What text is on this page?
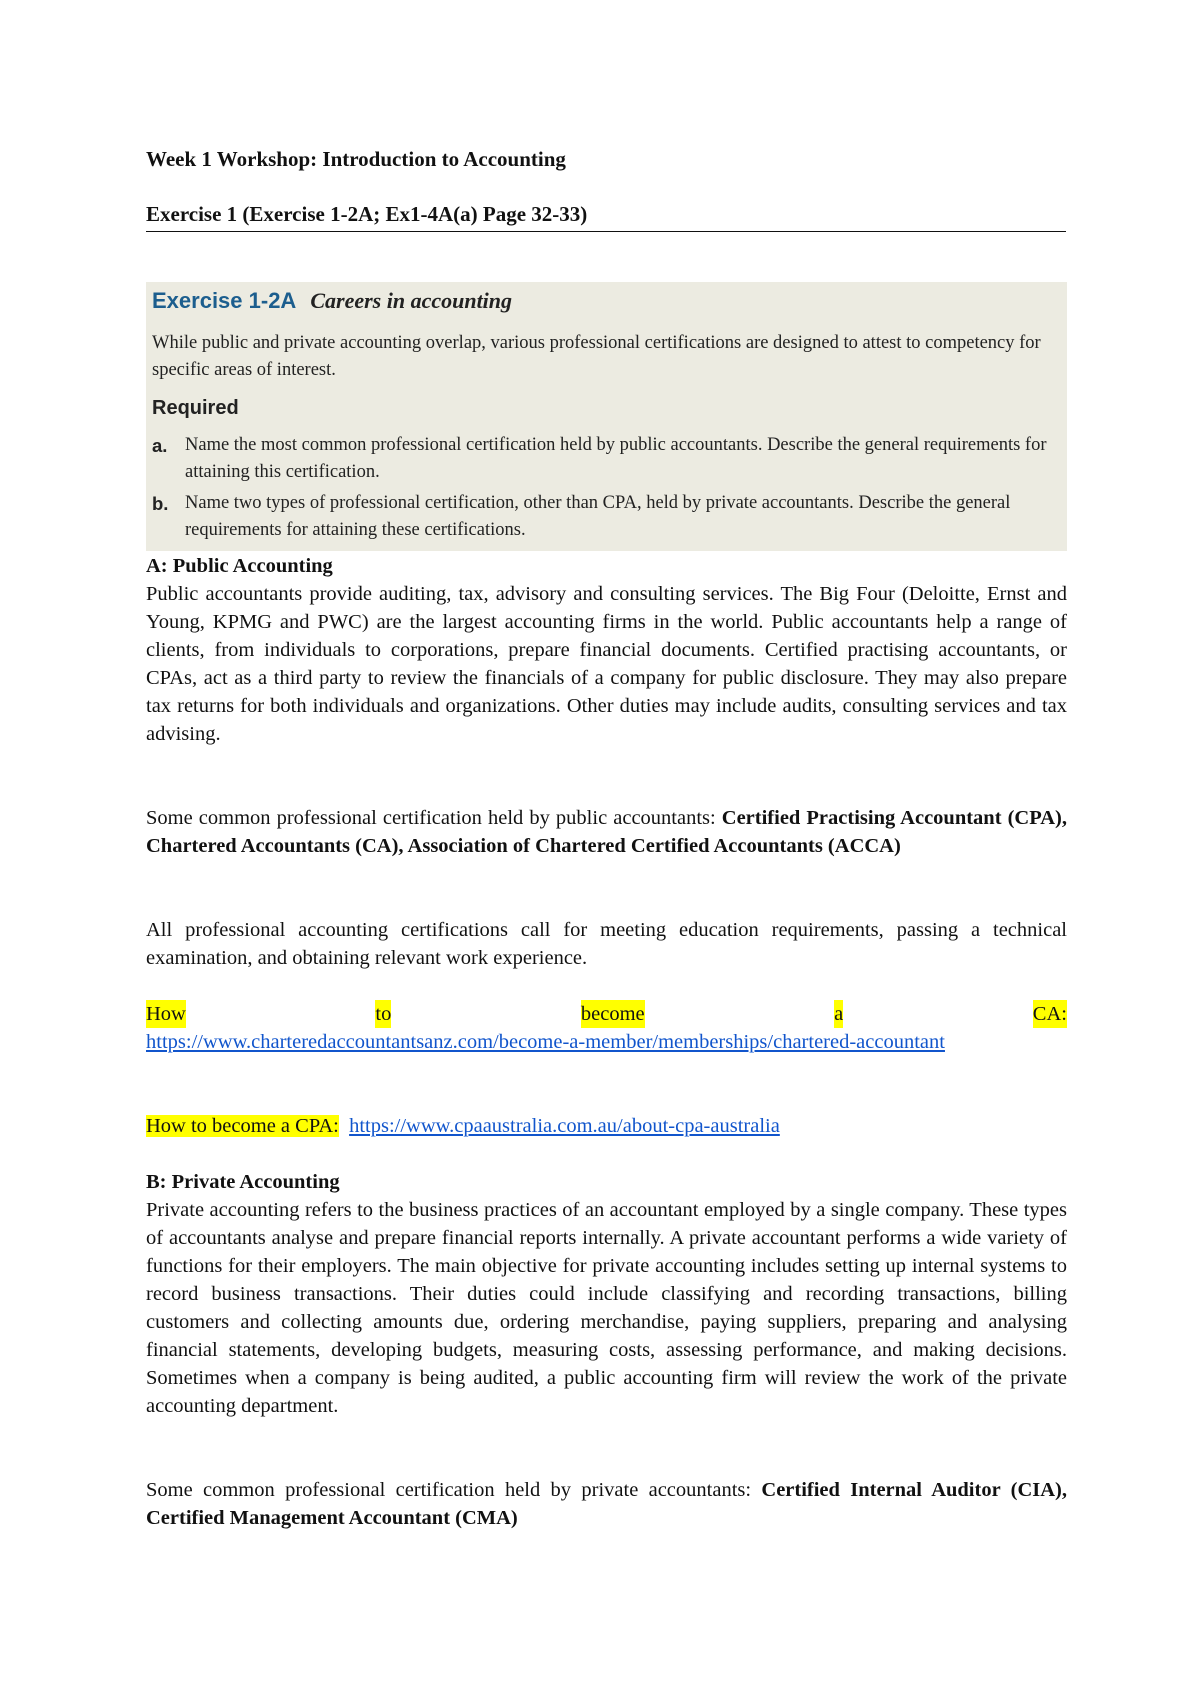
Week 1 Workshop: Introduction to Accounting
Exercise 1 (Exercise 1-2A; Ex1-4A(a) Page 32-33)
Exercise 1-2A Careers in accounting
While public and private accounting overlap, various professional certifications are designed to attest to competency for specific areas of interest.
Required
a. Name the most common professional certification held by public accountants. Describe the general requirements for attaining this certification.
b. Name two types of professional certification, other than CPA, held by private accountants. Describe the general requirements for attaining these certifications.
A: Public Accounting
Public accountants provide auditing, tax, advisory and consulting services. The Big Four (Deloitte, Ernst and Young, KPMG and PWC) are the largest accounting firms in the world. Public accountants help a range of clients, from individuals to corporations, prepare financial documents. Certified practising accountants, or CPAs, act as a third party to review the financials of a company for public disclosure. They may also prepare tax returns for both individuals and organizations. Other duties may include audits, consulting services and tax advising.
Some common professional certification held by public accountants: Certified Practising Accountant (CPA), Chartered Accountants (CA), Association of Chartered Certified Accountants (ACCA)
All professional accounting certifications call for meeting education requirements, passing a technical examination, and obtaining relevant work experience.
How	to	become	a	CA:
https://www.charteredaccountantsanz.com/become-a-member/memberships/chartered-accountant
How to become a CPA: https://www.cpaaustralia.com.au/about-cpa-australia
B: Private Accounting
Private accounting refers to the business practices of an accountant employed by a single company. These types of accountants analyse and prepare financial reports internally. A private accountant performs a wide variety of functions for their employers. The main objective for private accounting includes setting up internal systems to record business transactions. Their duties could include classifying and recording transactions, billing customers and collecting amounts due, ordering merchandise, paying suppliers, preparing and analysing financial statements, developing budgets, measuring costs, assessing performance, and making decisions. Sometimes when a company is being audited, a public accounting firm will review the work of the private accounting department.
Some common professional certification held by private accountants: Certified Internal Auditor (CIA), Certified Management Accountant (CMA)
